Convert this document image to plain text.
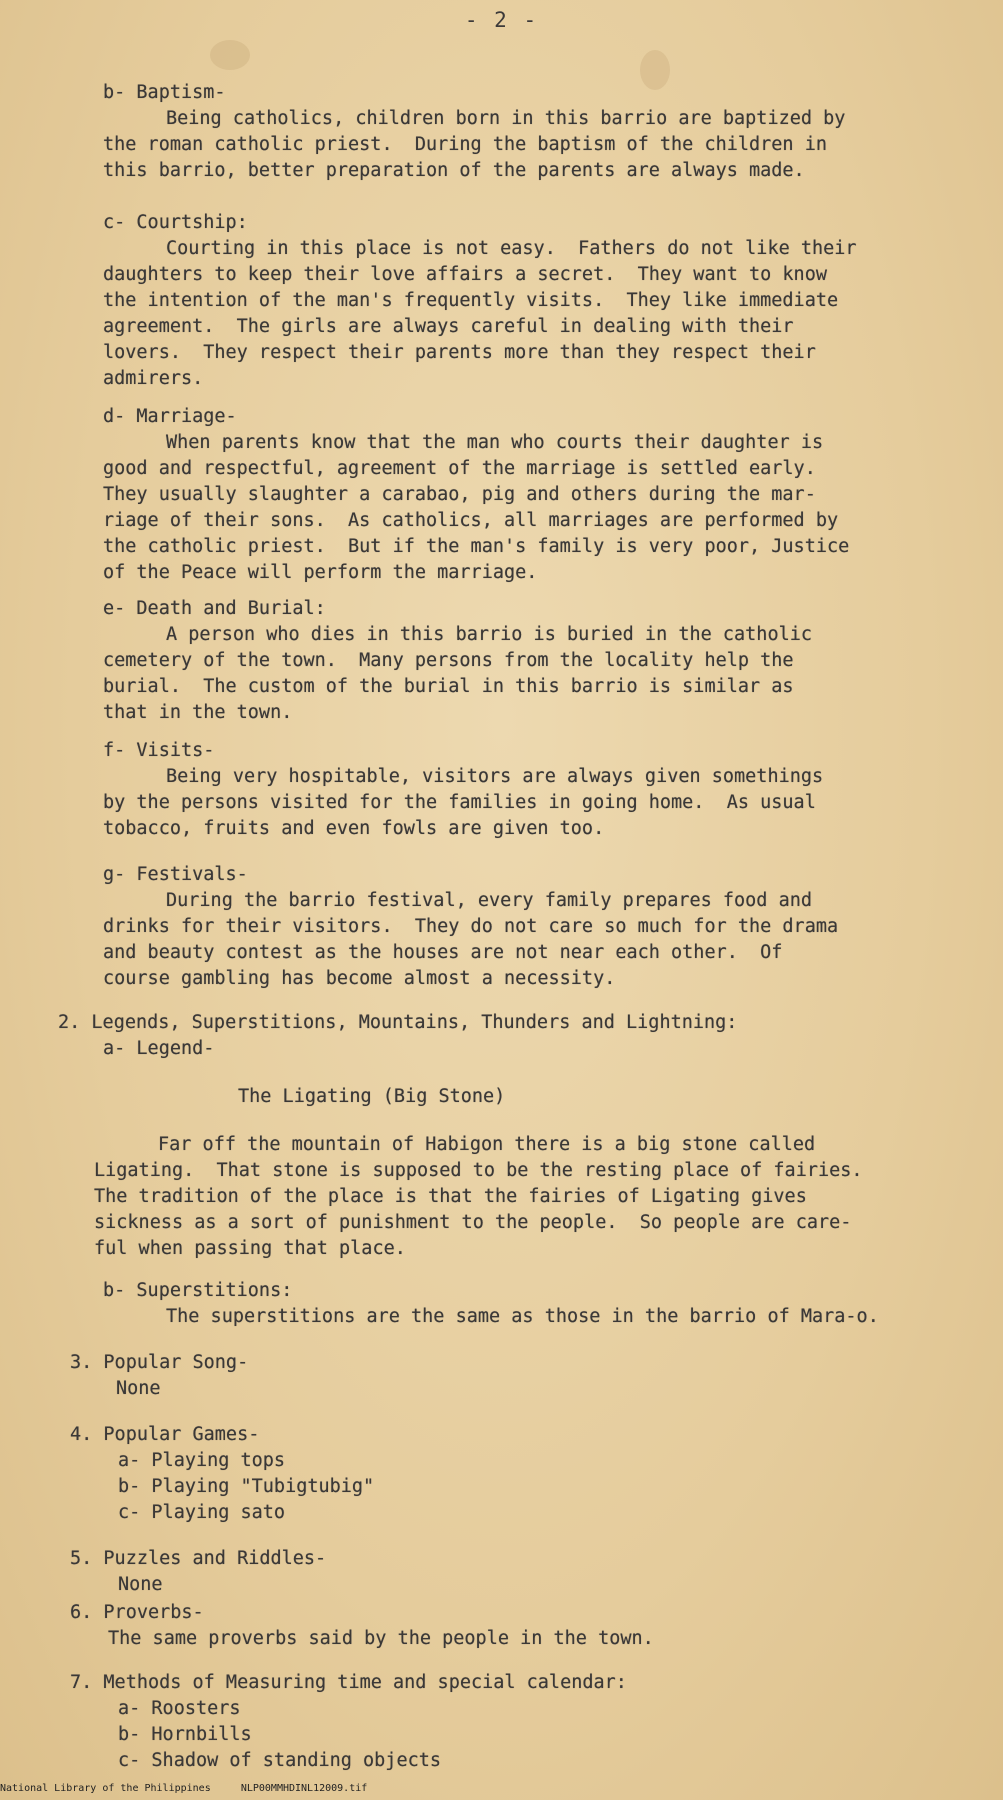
- 2 -
b- Baptism-
Being catholics, children born in this barrio are baptized by
the roman catholic priest.  During the baptism of the children in
this barrio, better preparation of the parents are always made.
c- Courtship:
Courting in this place is not easy.  Fathers do not like their
daughters to keep their love affairs a secret.  They want to know
the intention of the man's frequently visits.  They like immediate
agreement.  The girls are always careful in dealing with their
lovers.  They respect their parents more than they respect their
admirers.
d- Marriage-
When parents know that the man who courts their daughter is
good and respectful, agreement of the marriage is settled early.
They usually slaughter a carabao, pig and others during the mar-
riage of their sons.  As catholics, all marriages are performed by
the catholic priest.  But if the man's family is very poor, Justice
of the Peace will perform the marriage.
e- Death and Burial:
A person who dies in this barrio is buried in the catholic
cemetery of the town.  Many persons from the locality help the
burial.  The custom of the burial in this barrio is similar as
that in the town.
f- Visits-
Being very hospitable, visitors are always given somethings
by the persons visited for the families in going home.  As usual
tobacco, fruits and even fowls are given too.
g- Festivals-
During the barrio festival, every family prepares food and
drinks for their visitors.  They do not care so much for the drama
and beauty contest as the houses are not near each other.  Of
course gambling has become almost a necessity.
2. Legends, Superstitions, Mountains, Thunders and Lightning:
a- Legend-
The Ligating (Big Stone)
Far off the mountain of Habigon there is a big stone called
Ligating.  That stone is supposed to be the resting place of fairies.
The tradition of the place is that the fairies of Ligating gives
sickness as a sort of punishment to the people.  So people are care-
ful when passing that place.
b- Superstitions:
The superstitions are the same as those in the barrio of Mara-o.
3. Popular Song-
None
4. Popular Games-
a- Playing tops
b- Playing "Tubigtubig"
c- Playing sato
5. Puzzles and Riddles-
None
6. Proverbs-
The same proverbs said by the people in the town.
7. Methods of Measuring time and special calendar:
a- Roosters
b- Hornbills
c- Shadow of standing objects
National Library of the Philippines     NLP00MMHDINL12009.tif
